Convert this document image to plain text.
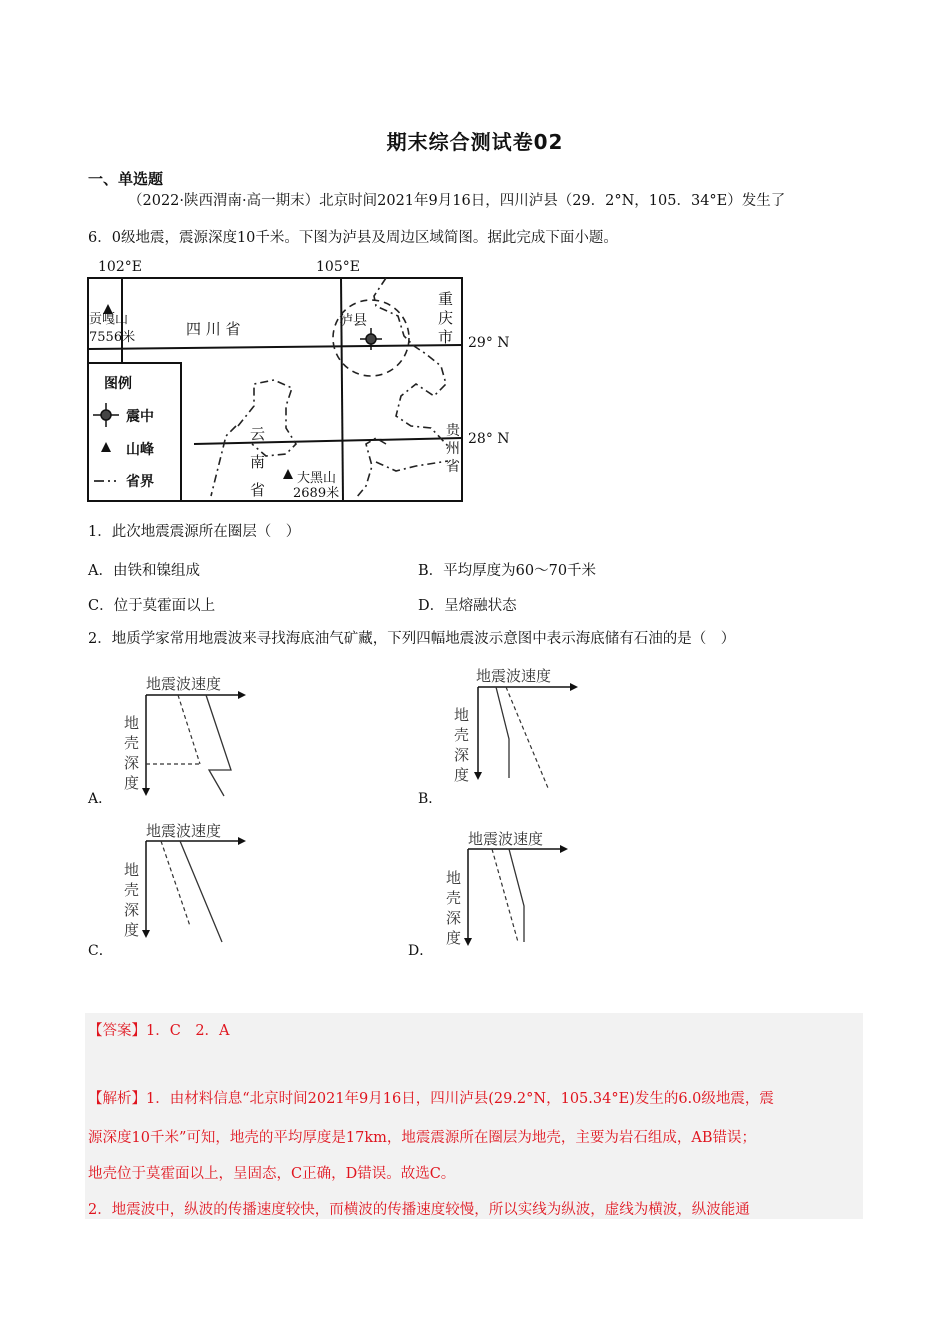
期末综合测试卷02
一、单选题
（2022·陕西渭南·高一期末）北京时间2021年9月16日，四川泸县（29．2°N，105．34°E）发生了
6．0级地震，震源深度10千米。下图为泸县及周边区域简图。据此完成下面小题。
102°E	105°E
29° N
28° N
贡嘎山
7556米	四 川 省	泸县
重
庆
市
云
南
省
贵
州
省
大黑山
2689米
图例
震中
山峰
省界
1．此次地震震源所在圈层（　）
A．由铁和镍组成	B．平均厚度为60～70千米
C．位于莫霍面以上	D．呈熔融状态
2．地质学家常用地震波来寻找海底油气矿藏，下列四幅地震波示意图中表示海底储有石油的是（　）
地震波速度
地
壳
深
度
A．
地震波速度
地
壳
深
度
B．
地震波速度
地
壳
深
度
C．
地震波速度
地
壳
深
度
D．
【答案】1．C　2．A
【解析】1．由材料信息“北京时间2021年9月16日，四川泸县(29.2°N，105.34°E)发生的6.0级地震，震
源深度10千米”可知，地壳的平均厚度是17km，地震震源所在圈层为地壳，主要为岩石组成，AB错误；
地壳位于莫霍面以上，呈固态，C正确，D错误。故选C。
2．地震波中，纵波的传播速度较快，而横波的传播速度较慢，所以实线为纵波，虚线为横波，纵波能通
